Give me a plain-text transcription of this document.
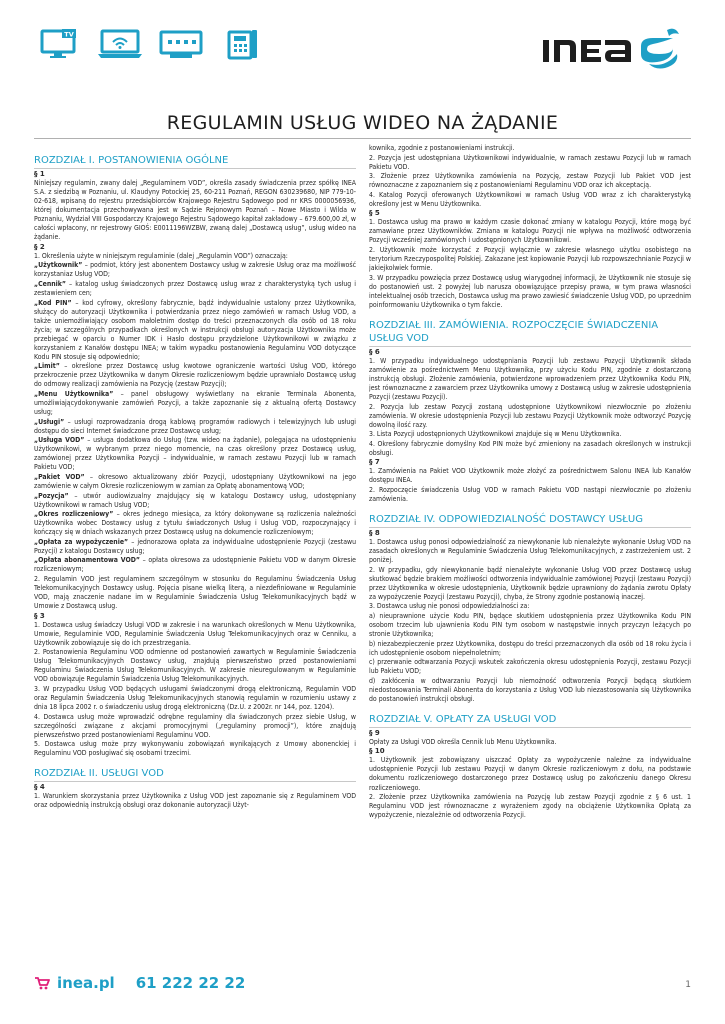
TV
REGULAMIN USŁUG WIDEO NA ŻĄDANIE
ROZDZIAŁ I. POSTANOWIENIA OGÓLNE
§ 1

Niniejszy regulamin, zwany dalej „Regulaminem VOD”, określa zasady świadczenia przez spółkę INEA S.A. z siedzibą w Poznaniu, ul. Klaudyny Potockiej 25, 60-211 Poznań, REGON 630239680, NIP 779-10-02-618, wpisaną do rejestru przedsiębiorców Krajowego Rejestru Sądowego pod nr KRS 0000056936, której dokumentacja przechowywana jest w Sądzie Rejonowym Poznań – Nowe Miasto i Wilda w Poznaniu, Wydział VIII Gospodarczy Krajowego Rejestru Sądowego kapitał zakładowy – 679.600,00 zł, w całości wpłacony, nr rejestrowy GIOŚ: E0011196WZBW, zwaną dalej „Dostawcą usług”, usług wideo na żądanie.

§ 2

1. Określenia użyte w niniejszym regulaminie (dalej „Regulamin VOD”) oznaczają:

„Użytkownik” – podmiot, który jest abonentem Dostawcy usług w zakresie Usług oraz ma możliwość korzystaniaz Usług VOD;

„Cennik” – katalog usług świadczonych przez Dostawcę usług wraz z charakterystyką tych usług i zestawieniem cen;

„Kod PIN” – kod cyfrowy, określony fabrycznie, bądź indywidualnie ustalony przez Użytkownika, służący do autoryzacji Użytkownika i potwierdzania przez niego zamówień w ramach Usług VOD, a także uniemożliwiający osobom małoletnim dostęp do treści przeznaczonych dla osób od 18 roku życia; w szczególnych przypadkach określonych w instrukcji obsługi autoryzacja Użytkownika może przebiegać w oparciu o Numer IDK i Hasło dostępu przydzielone Użytkownikowi w związku z korzystaniem z Kanałów dostępu INEA; w takim wypadku postanowienia Regulaminu VOD dotyczące Kodu PIN stosuje się odpowiednio;

„Limit” – określone przez Dostawcę usług kwotowe ograniczenie wartości Usług VOD, którego przekroczenie przez Użytkownika w danym Okresie rozliczeniowym będzie uprawniało Dostawcę usług do odmowy realizacji zamówienia na Pozycję (zestaw Pozycji);

„Menu Użytkownika” – panel obsługowy wyświetlany na ekranie Terminala Abonenta, umożliwiającydokonywanie zamówień Pozycji, a także zapoznanie się z aktualną ofertą Dostawcy usług;

„Usługi” – usługi rozprowadzania drogą kablową programów radiowych i telewizyjnych lub usługi dostępu do sieci Internet świadczone przez Dostawcę usług;

„Usługa VOD” – usługa dodatkowa do Usług (tzw. wideo na żądanie), polegająca na udostępnieniu Użytkownikowi, w wybranym przez niego momencie, na czas określony przez Dostawcę usług, zamówionej przez Użytkownika Pozycji – indywidualnie, w ramach zestawu Pozycji lub w ramach Pakietu VOD;

„Pakiet VOD” – okresowo aktualizowany zbiór Pozycji, udostępniany Użytkownikowi na jego zamówienie w całym Okresie rozliczeniowym w zamian za Opłatę abonamentową VOD;

„Pozycja” – utwór audiowizualny znajdujący się w katalogu Dostawcy usług, udostępniany Użytkownikowi w ramach Usług VOD;

„Okres rozliczeniowy” – okres jednego miesiąca, za który dokonywane są rozliczenia należności Użytkownika wobec Dostawcy usług z tytułu świadczonych Usług i Usług VOD, rozpoczynający i kończący się w dniach wskazanych przez Dostawcę usług na dokumencie rozliczeniowym;

„Opłata za wypożyczenie” – jednorazowa opłata za indywidualne udostępnienie Pozycji (zestawu Pozycji) z katalogu Dostawcy usług;

„Opłata abonamentowa VOD” – opłata okresowa za udostępnienie Pakietu VOD w danym Okresie rozliczeniowym;

2. Regulamin VOD jest regulaminem szczególnym w stosunku do Regulaminu Świadczenia Usług Telekomunikacyjnych Dostawcy usług. Pojęcia pisane wielką literą, a niezdefiniowane w Regulaminie VOD, mają znaczenie nadane im w Regulaminie Świadczenia Usług Telekomunikacyjnych bądź w Umowie z Dostawcą usług.

§ 3

1. Dostawca usług świadczy Usługi VOD w zakresie i na warunkach określonych w Menu Użytkownika, Umowie, Regulaminie VOD, Regulaminie Świadczenia Usług Telekomunikacyjnych oraz w Cenniku, a Użytkownik zobowiązuje się do ich przestrzegania.

2. Postanowienia Regulaminu VOD odmienne od postanowień zawartych w Regulaminie Świadczenia Usług Telekomunikacyjnych Dostawcy usług, znajdują pierwszeństwo przed postanowieniami Regulaminu Świadczenia Usług Telekomunikacyjnych. W zakresie nieuregulowanym w Regulaminie VOD obowiązuje Regulamin Świadczenia Usług Telekomunikacyjnych.

3. W przypadku Usług VOD będących usługami świadczonymi drogą elektroniczną, Regulamin VOD oraz Regulamin Świadczenia Usług Telekomunikacyjnych stanowią regulamin w rozumieniu ustawy z dnia 18 lipca 2002 r. o świadczeniu usług drogą elektroniczną (Dz.U. z 2002r. nr 144, poz. 1204).

4. Dostawca usług może wprowadzić odrębne regulaminy dla świadczonych przez siebie Usług, w szczególności związane z akcjami promocyjnymi („regulaminy promocji”), które znajdują pierwszeństwo przed postanowieniami Regulaminu VOD.

5. Dostawca usług może przy wykonywaniu zobowiązań wynikających z Umowy abonenckiej i Regulaminu VOD posługiwać się osobami trzecimi.

ROZDZIAŁ II. USŁUGI VOD
§ 4

1. Warunkiem skorzystania przez Użytkownika z Usług VOD jest zapoznanie się z Regulaminem VOD oraz odpowiednią instrukcją obsługi oraz dokonanie autoryzacji Użyt-

kownika, zgodnie z postanowieniami instrukcji.

2. Pozycja jest udostępniana Użytkownikowi indywidualnie, w ramach zestawu Pozycji lub w ramach Pakietu VOD.

3. Złożenie przez Użytkownika zamówienia na Pozycję, zestaw Pozycji lub Pakiet VOD jest równoznaczne z zapoznaniem się z postanowieniami Regulaminu VOD oraz ich akceptacją.

4. Katalog Pozycji oferowanych Użytkownikowi w ramach Usług VOD wraz z ich charakterystyką określony jest w Menu Użytkownika.

§ 5

1. Dostawca usług ma prawo w każdym czasie dokonać zmiany w katalogu Pozycji, które mogą być zamawiane przez Użytkowników. Zmiana w katalogu Pozycji nie wpływa na możliwość odtworzenia Pozycji wcześniej zamówionych i udostępnionych Użytkownikowi.

2. Użytkownik może korzystać z Pozycji wyłącznie w zakresie własnego użytku osobistego na terytorium Rzeczypospolitej Polskiej. Zakazane jest kopiowanie Pozycji lub rozpowszechnianie Pozycji w jakiejkolwiek formie.

3. W przypadku powzięcia przez Dostawcę usług wiarygodnej informacji, że Użytkownik nie stosuje się do postanowień ust. 2 powyżej lub narusza obowiązujące przepisy prawa, w tym prawa własności intelektualnej osób trzecich, Dostawca usług ma prawo zawiesić świadczenie Usług VOD, po uprzednim poinformowaniu Użytkownika o tym fakcie.

ROZDZIAŁ III. ZAMÓWIENIA. ROZPOCZĘCIE ŚWIADCZENIA USŁUG VOD
§ 6

1. W przypadku indywidualnego udostępniania Pozycji lub zestawu Pozycji Użytkownik składa zamówienie za pośrednictwem Menu Użytkownika, przy użyciu Kodu PIN, zgodnie z dostarczoną instrukcją obsługi. Złożenie zamówienia, potwierdzone wprowadzeniem przez Użytkownika Kodu PIN, jest równoznaczne z zawarciem przez Użytkownika umowy z Dostawcą usług w zakresie udostępnienia Pozycji (zestawu Pozycji).

2. Pozycja lub zestaw Pozycji zostaną udostępnione Użytkownikowi niezwłocznie po złożeniu zamówienia. W okresie udostępnienia Pozycji lub zestawu Pozycji Użytkownik może odtworzyć Pozycję dowolną ilość razy.

3. Lista Pozycji udostępnionych Użytkownikowi znajduje się w Menu Użytkownika.

4. Określony fabrycznie domyślny Kod PIN może być zmieniony na zasadach określonych w instrukcji obsługi.

§ 7

1. Zamówienia na Pakiet VOD Użytkownik może złożyć za pośrednictwem Salonu INEA lub Kanałów dostępu INEA.

2. Rozpoczęcie świadczenia Usług VOD w ramach Pakietu VOD nastąpi niezwłocznie po złożeniu zamówienia.

ROZDZIAŁ IV. ODPOWIEDZIALNOŚĆ DOSTAWCY USŁUG
§ 8

1. Dostawca usług ponosi odpowiedzialność za niewykonanie lub nienależyte wykonanie Usług VOD na zasadach określonych w Regulaminie Świadczenia Usług Telekomunikacyjnych, z zastrzeżeniem ust. 2 poniżej.

2. W przypadku, gdy niewykonanie bądź nienależyte wykonanie Usług VOD przez Dostawcę usług skutkować będzie brakiem możliwości odtworzenia indywidualnie zamówionej Pozycji (zestawu Pozycji) przez Użytkownika w okresie udostępnienia, Użytkownik będzie uprawniony do żądania zwrotu Opłaty za wypożyczenie Pozycji (zestawu Pozycji), chyba, że Strony zgodnie postanowią inaczej.

3. Dostawca usług nie ponosi odpowiedzialności za:

a) nieuprawnione użycie Kodu PIN, będące skutkiem udostępnienia przez Użytkownika Kodu PIN osobom trzecim lub ujawnienia Kodu PIN tym osobom w następstwie innych przyczyn leżących po stronie Użytkownika;

b) niezabezpieczenie przez Użytkownika, dostępu do treści przeznaczonych dla osób od 18 roku życia i ich udostępnienie osobom niepełnoletnim;

c) przerwanie odtwarzania Pozycji wskutek zakończenia okresu udostępnienia Pozycji, zestawu Pozycji lub Pakietu VOD;

d) zakłócenia w odtwarzaniu Pozycji lub niemożność odtworzenia Pozycji będącą skutkiem niedostosowania Terminali Abonenta do korzystania z Usług VOD lub niezastosowania się Użytkownika do postanowień instrukcji obsługi.

ROZDZIAŁ V. OPŁATY ZA USŁUGI VOD
§ 9

Opłaty za Usługi VOD określa Cennik lub Menu Użytkownika.

§ 10

1. Użytkownik jest zobowiązany uiszczać Opłaty za wypożyczenie należne za indywidualne udostępnienie Pozycji lub zestawu Pozycji w danym Okresie rozliczeniowym z dołu, na podstawie dokumentu rozliczeniowego dostarczonego przez Dostawcę usług po zakończeniu danego Okresu rozliczeniowego.

2. Złożenie przez Użytkownika zamówienia na Pozycję lub zestaw Pozycji zgodnie z § 6 ust. 1 Regulaminu VOD jest równoznaczne z wyrażeniem zgody na obciążenie Użytkownika Opłatą za wypożyczenie, niezależnie od odtworzenia Pozycji.

inea.pl 61 222 22 22	1
